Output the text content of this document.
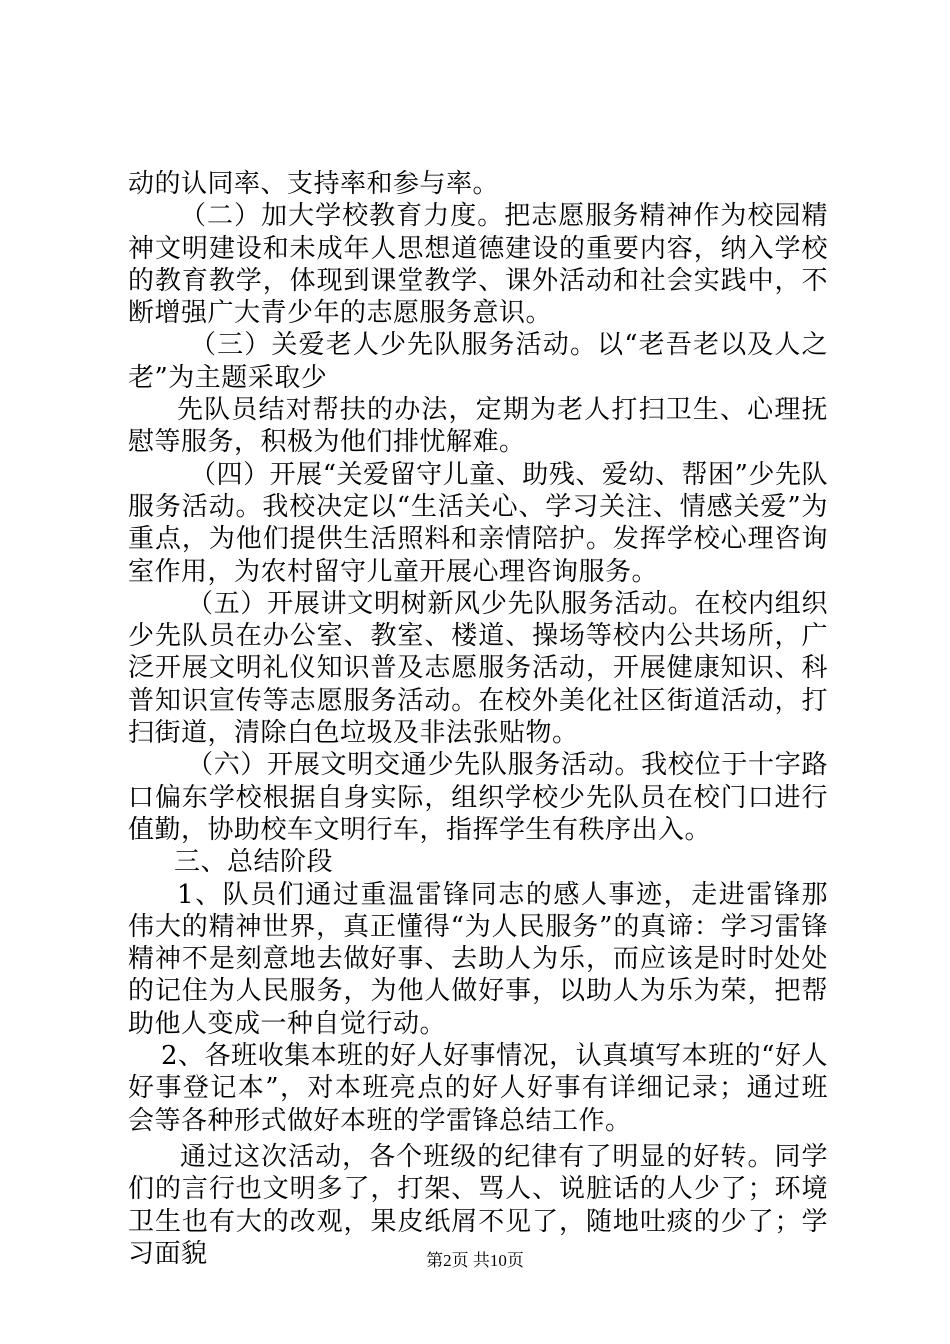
动的认同率、支持率和参与率。

（二）加大学校教育力度。把志愿服务精神作为校园精神文明建设和未成年人思想道德建设的重要内容，纳入学校的教育教学，体现到课堂教学、课外活动和社会实践中，不断增强广大青少年的志愿服务意识。

（三）关爱老人少先队服务活动。以“老吾老以及人之老”为主题采取少

先队员结对帮扶的办法，定期为老人打扫卫生、心理抚慰等服务，积极为他们排忧解难。

（四）开展“关爱留守儿童、助残、爱幼、帮困”少先队服务活动。我校决定以“生活关心、学习关注、情感关爱”为重点，为他们提供生活照料和亲情陪护。发挥学校心理咨询室作用，为农村留守儿童开展心理咨询服务。

（五）开展讲文明树新风少先队服务活动。在校内组织少先队员在办公室、教室、楼道、操场等校内公共场所，广泛开展文明礼仪知识普及志愿服务活动，开展健康知识、科普知识宣传等志愿服务活动。在校外美化社区街道活动，打扫街道，清除白色垃圾及非法张贴物。

（六）开展文明交通少先队服务活动。我校位于十字路口偏东学校根据自身实际，组织学校少先队员在校门口进行值勤，协助校车文明行车，指挥学生有秩序出入。

三、总结阶段

1、队员们通过重温雷锋同志的感人事迹，走进雷锋那伟大的精神世界，真正懂得“为人民服务”的真谛：学习雷锋精神不是刻意地去做好事、去助人为乐，而应该是时时处处的记住为人民服务，为他人做好事，以助人为乐为荣，把帮助他人变成一种自觉行动。

2、各班收集本班的好人好事情况，认真填写本班的“好人好事登记本”，对本班亮点的好人好事有详细记录；通过班会等各种形式做好本班的学雷锋总结工作。

通过这次活动，各个班级的纪律有了明显的好转。同学们的言行也文明多了，打架、骂人、说脏话的人少了；环境卫生也有大的改观，果皮纸屑不见了，随地吐痰的少了；学习面貌	第2页 共10页
